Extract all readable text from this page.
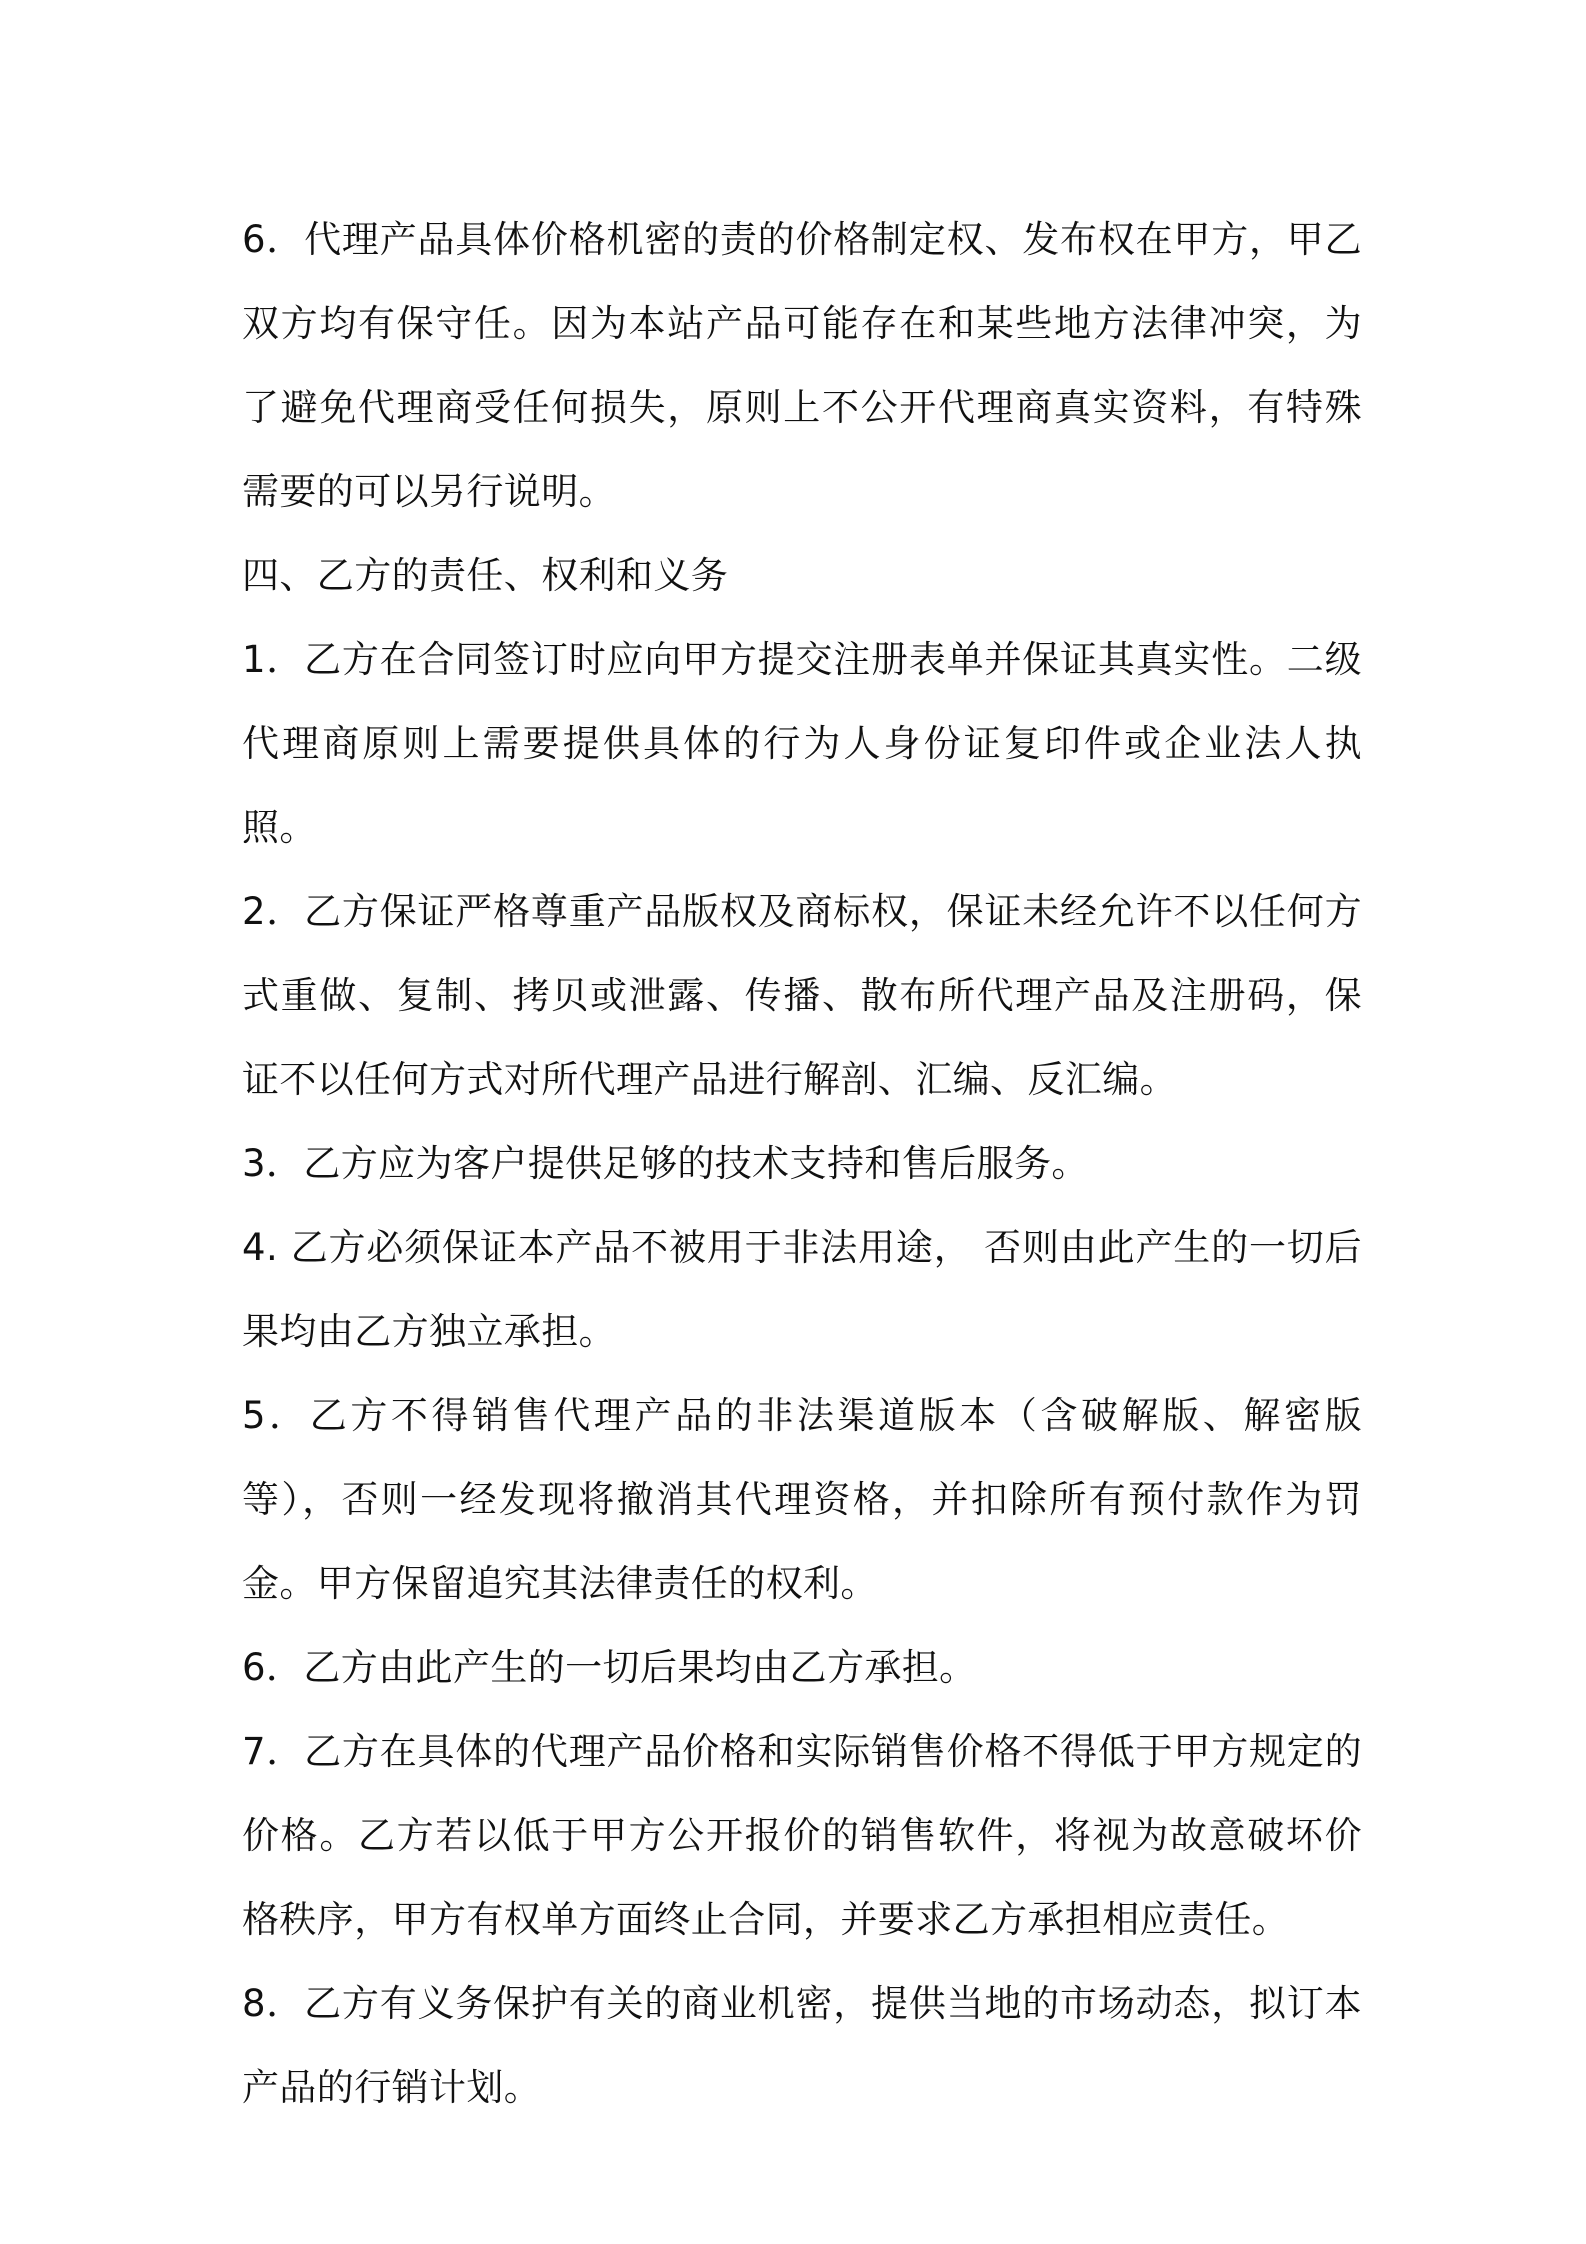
6．代理产品具体价格机密的责的价格制定权、发布权在甲方，甲乙双方均有保守任。因为本站产品可能存在和某些地方法律冲突，为了避免代理商受任何损失，原则上不公开代理商真实资料，有特殊需要的可以另行说明。

四、乙方的责任、权利和义务

1．乙方在合同签订时应向甲方提交注册表单并保证其真实性。二级代理商原则上需要提供具体的行为人身份证复印件或企业法人执照。

2．乙方保证严格尊重产品版权及商标权，保证未经允许不以任何方式重做、复制、拷贝或泄露、传播、散布所代理产品及注册码，保证不以任何方式对所代理产品进行解剖、汇编、反汇编。

3．乙方应为客户提供足够的技术支持和售后服务。

4. 乙方必须保证本产品不被用于非法用途， 否则由此产生的一切后果均由乙方独立承担。

5．乙方不得销售代理产品的非法渠道版本（含破解版、解密版等），否则一经发现将撤消其代理资格，并扣除所有预付款作为罚金。甲方保留追究其法律责任的权利。

6．乙方由此产生的一切后果均由乙方承担。

7．乙方在具体的代理产品价格和实际销售价格不得低于甲方规定的价格。乙方若以低于甲方公开报价的销售软件，将视为故意破坏价格秩序，甲方有权单方面终止合同，并要求乙方承担相应责任。

8．乙方有义务保护有关的商业机密，提供当地的市场动态，拟订本产品的行销计划。
